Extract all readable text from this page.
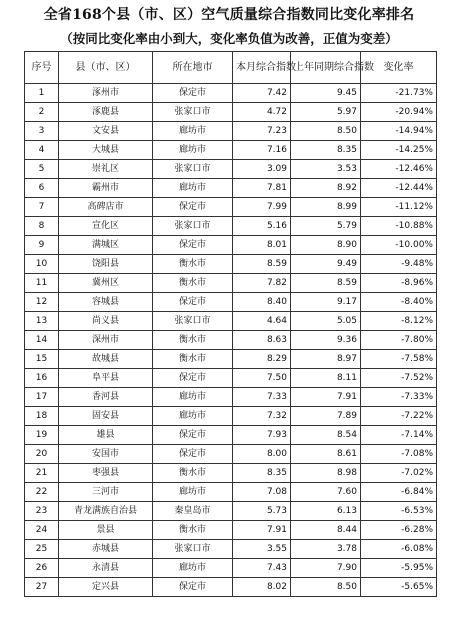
全省168个县（市、区）空气质量综合指数同比变化率排名
（按同比变化率由小到大，变化率负值为改善，正值为变差）
序号	县（市、区）	所在地市	本月综合指数	上年同期综合指数	变化率
1	涿州市	保定市	7.42	9.45	-21.73%
2	涿鹿县	张家口市	4.72	5.97	-20.94%
3	文安县	廊坊市	7.23	8.50	-14.94%
4	大城县	廊坊市	7.16	8.35	-14.25%
5	崇礼区	张家口市	3.09	3.53	-12.46%
6	霸州市	廊坊市	7.81	8.92	-12.44%
7	高碑店市	保定市	7.99	8.99	-11.12%
8	宣化区	张家口市	5.16	5.79	-10.88%
9	满城区	保定市	8.01	8.90	-10.00%
10	饶阳县	衡水市	8.59	9.49	-9.48%
11	冀州区	衡水市	7.82	8.59	-8.96%
12	容城县	保定市	8.40	9.17	-8.40%
13	尚义县	张家口市	4.64	5.05	-8.12%
14	深州市	衡水市	8.63	9.36	-7.80%
15	故城县	衡水市	8.29	8.97	-7.58%
16	阜平县	保定市	7.50	8.11	-7.52%
17	香河县	廊坊市	7.33	7.91	-7.33%
18	固安县	廊坊市	7.32	7.89	-7.22%
19	雄县	保定市	7.93	8.54	-7.14%
20	安国市	保定市	8.00	8.61	-7.08%
21	枣强县	衡水市	8.35	8.98	-7.02%
22	三河市	廊坊市	7.08	7.60	-6.84%
23	青龙满族自治县	秦皇岛市	5.73	6.13	-6.53%
24	景县	衡水市	7.91	8.44	-6.28%
25	赤城县	张家口市	3.55	3.78	-6.08%
26	永清县	廊坊市	7.43	7.90	-5.95%
27	定兴县	保定市	8.02	8.50	-5.65%
